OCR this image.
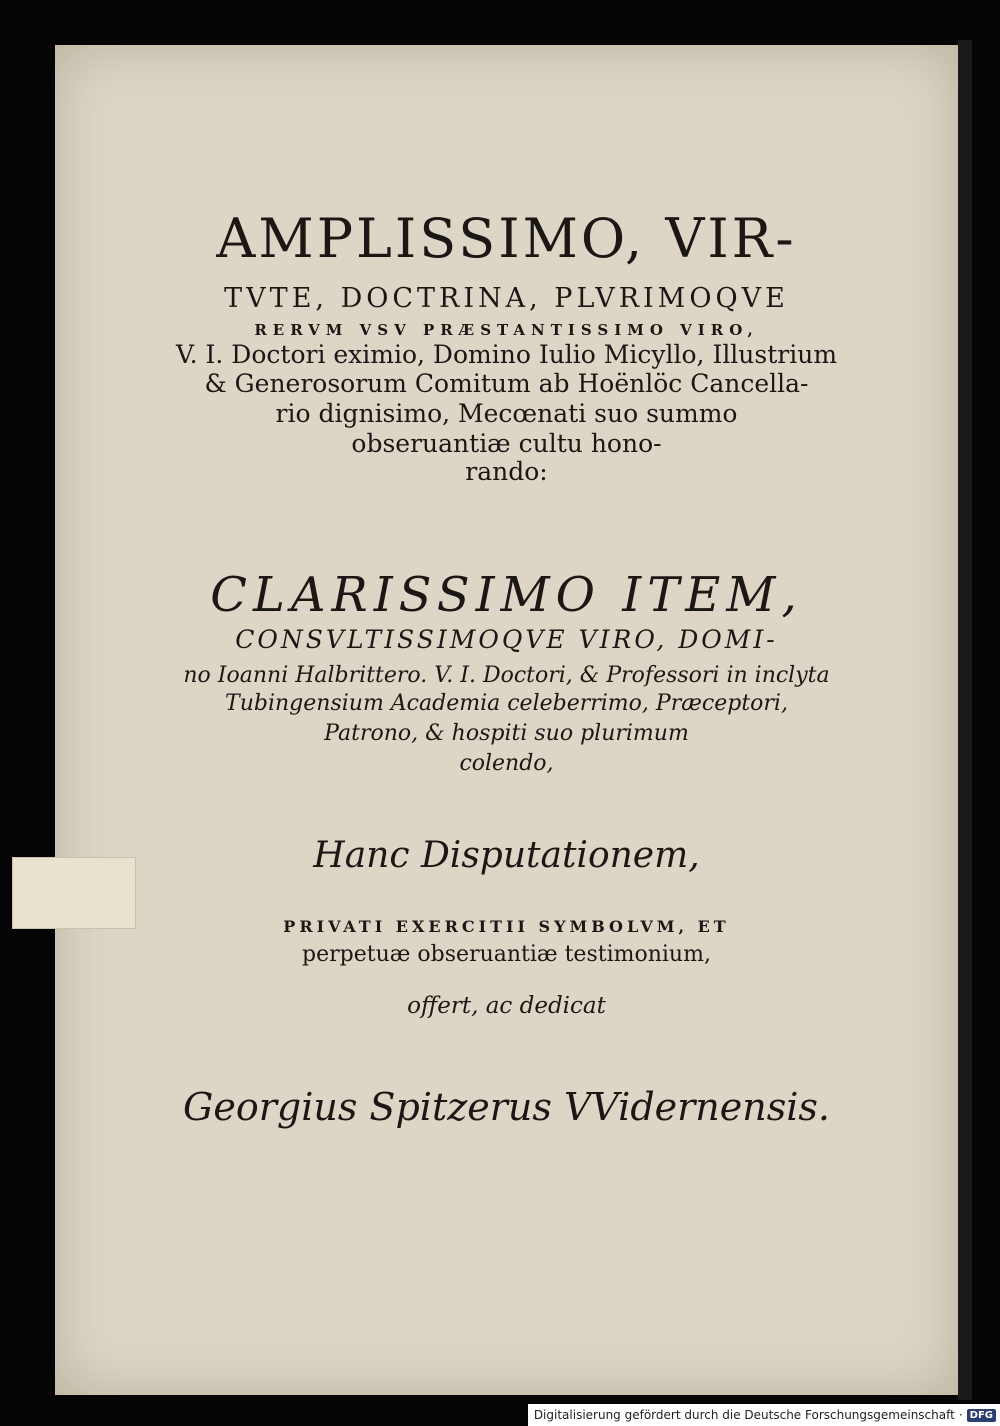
AMPLISSIMO, VIR-
TVTE, DOCTRINA, PLVRIMOQVE
RERVM VSV PRÆSTANTISSIMO VIRO,
V. I. Doctori eximio, Domino Iulio Micyllo, Illustrium
& Generosorum Comitum ab Hoënlöc Cancella-
rio dignisimo, Mecœnati suo summo
obseruantiæ cultu hono-
rando:
CLARISSIMO ITEM,
CONSVLTISSIMOQVE VIRO, DOMI-
no Ioanni Halbrittero. V. I. Doctori, & Professori in inclyta
Tubingensium Academia celeberrimo, Præceptori,
Patrono, & hospiti suo plurimum
colendo,
Hanc Disputationem,
PRIVATI EXERCITII SYMBOLVM, ET
perpetuæ obseruantiæ testimonium,
offert, ac dedicat
Georgius Spitzerus VVidernensis.
Digitalisierung gefördert durch die Deutsche Forschungsgemeinschaft · DFG
